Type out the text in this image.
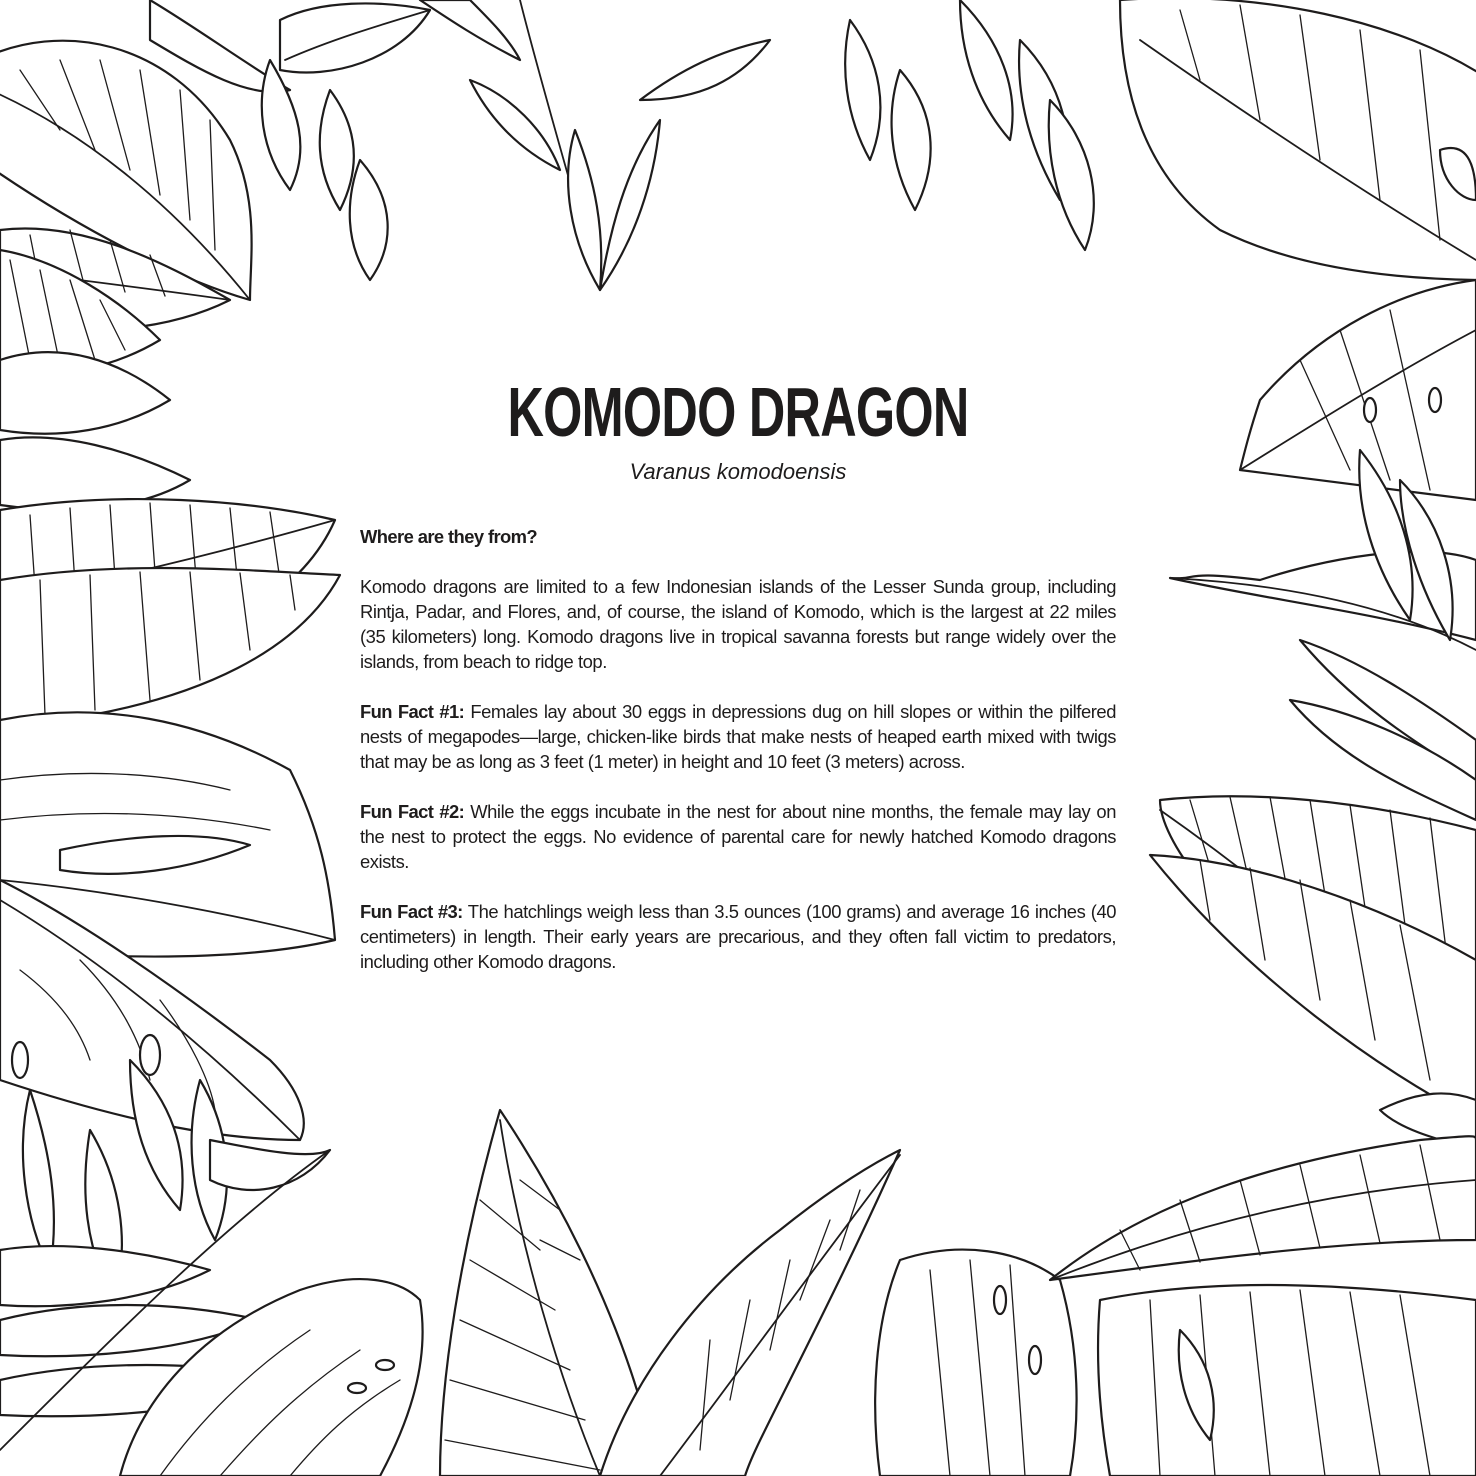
KOMODO DRAGON
Varanus komodoensis

Where are they from?

Komodo dragons are limited to a few Indonesian islands of the Lesser Sunda group, including Rintja, Padar, and Flores, and, of course, the island of Komodo, which is the largest at 22 miles (35 kilometers) long. Komodo dragons live in tropical savanna forests but range widely over the islands, from beach to ridge top.

Fun Fact #1: Females lay about 30 eggs in depressions dug on hill slopes or within the pilfered nests of megapodes—large, chicken-like birds that make nests of heaped earth mixed with twigs that may be as long as 3 feet (1 meter) in height and 10 feet (3 meters) across.

Fun Fact #2: While the eggs incubate in the nest for about nine months, the female may lay on the nest to protect the eggs. No evidence of parental care for newly hatched Komodo dragons exists.

Fun Fact #3: The hatchlings weigh less than 3.5 ounces (100 grams) and average 16 inches (40 centimeters) in length. Their early years are precarious, and they often fall victim to predators, including other Komodo dragons.
